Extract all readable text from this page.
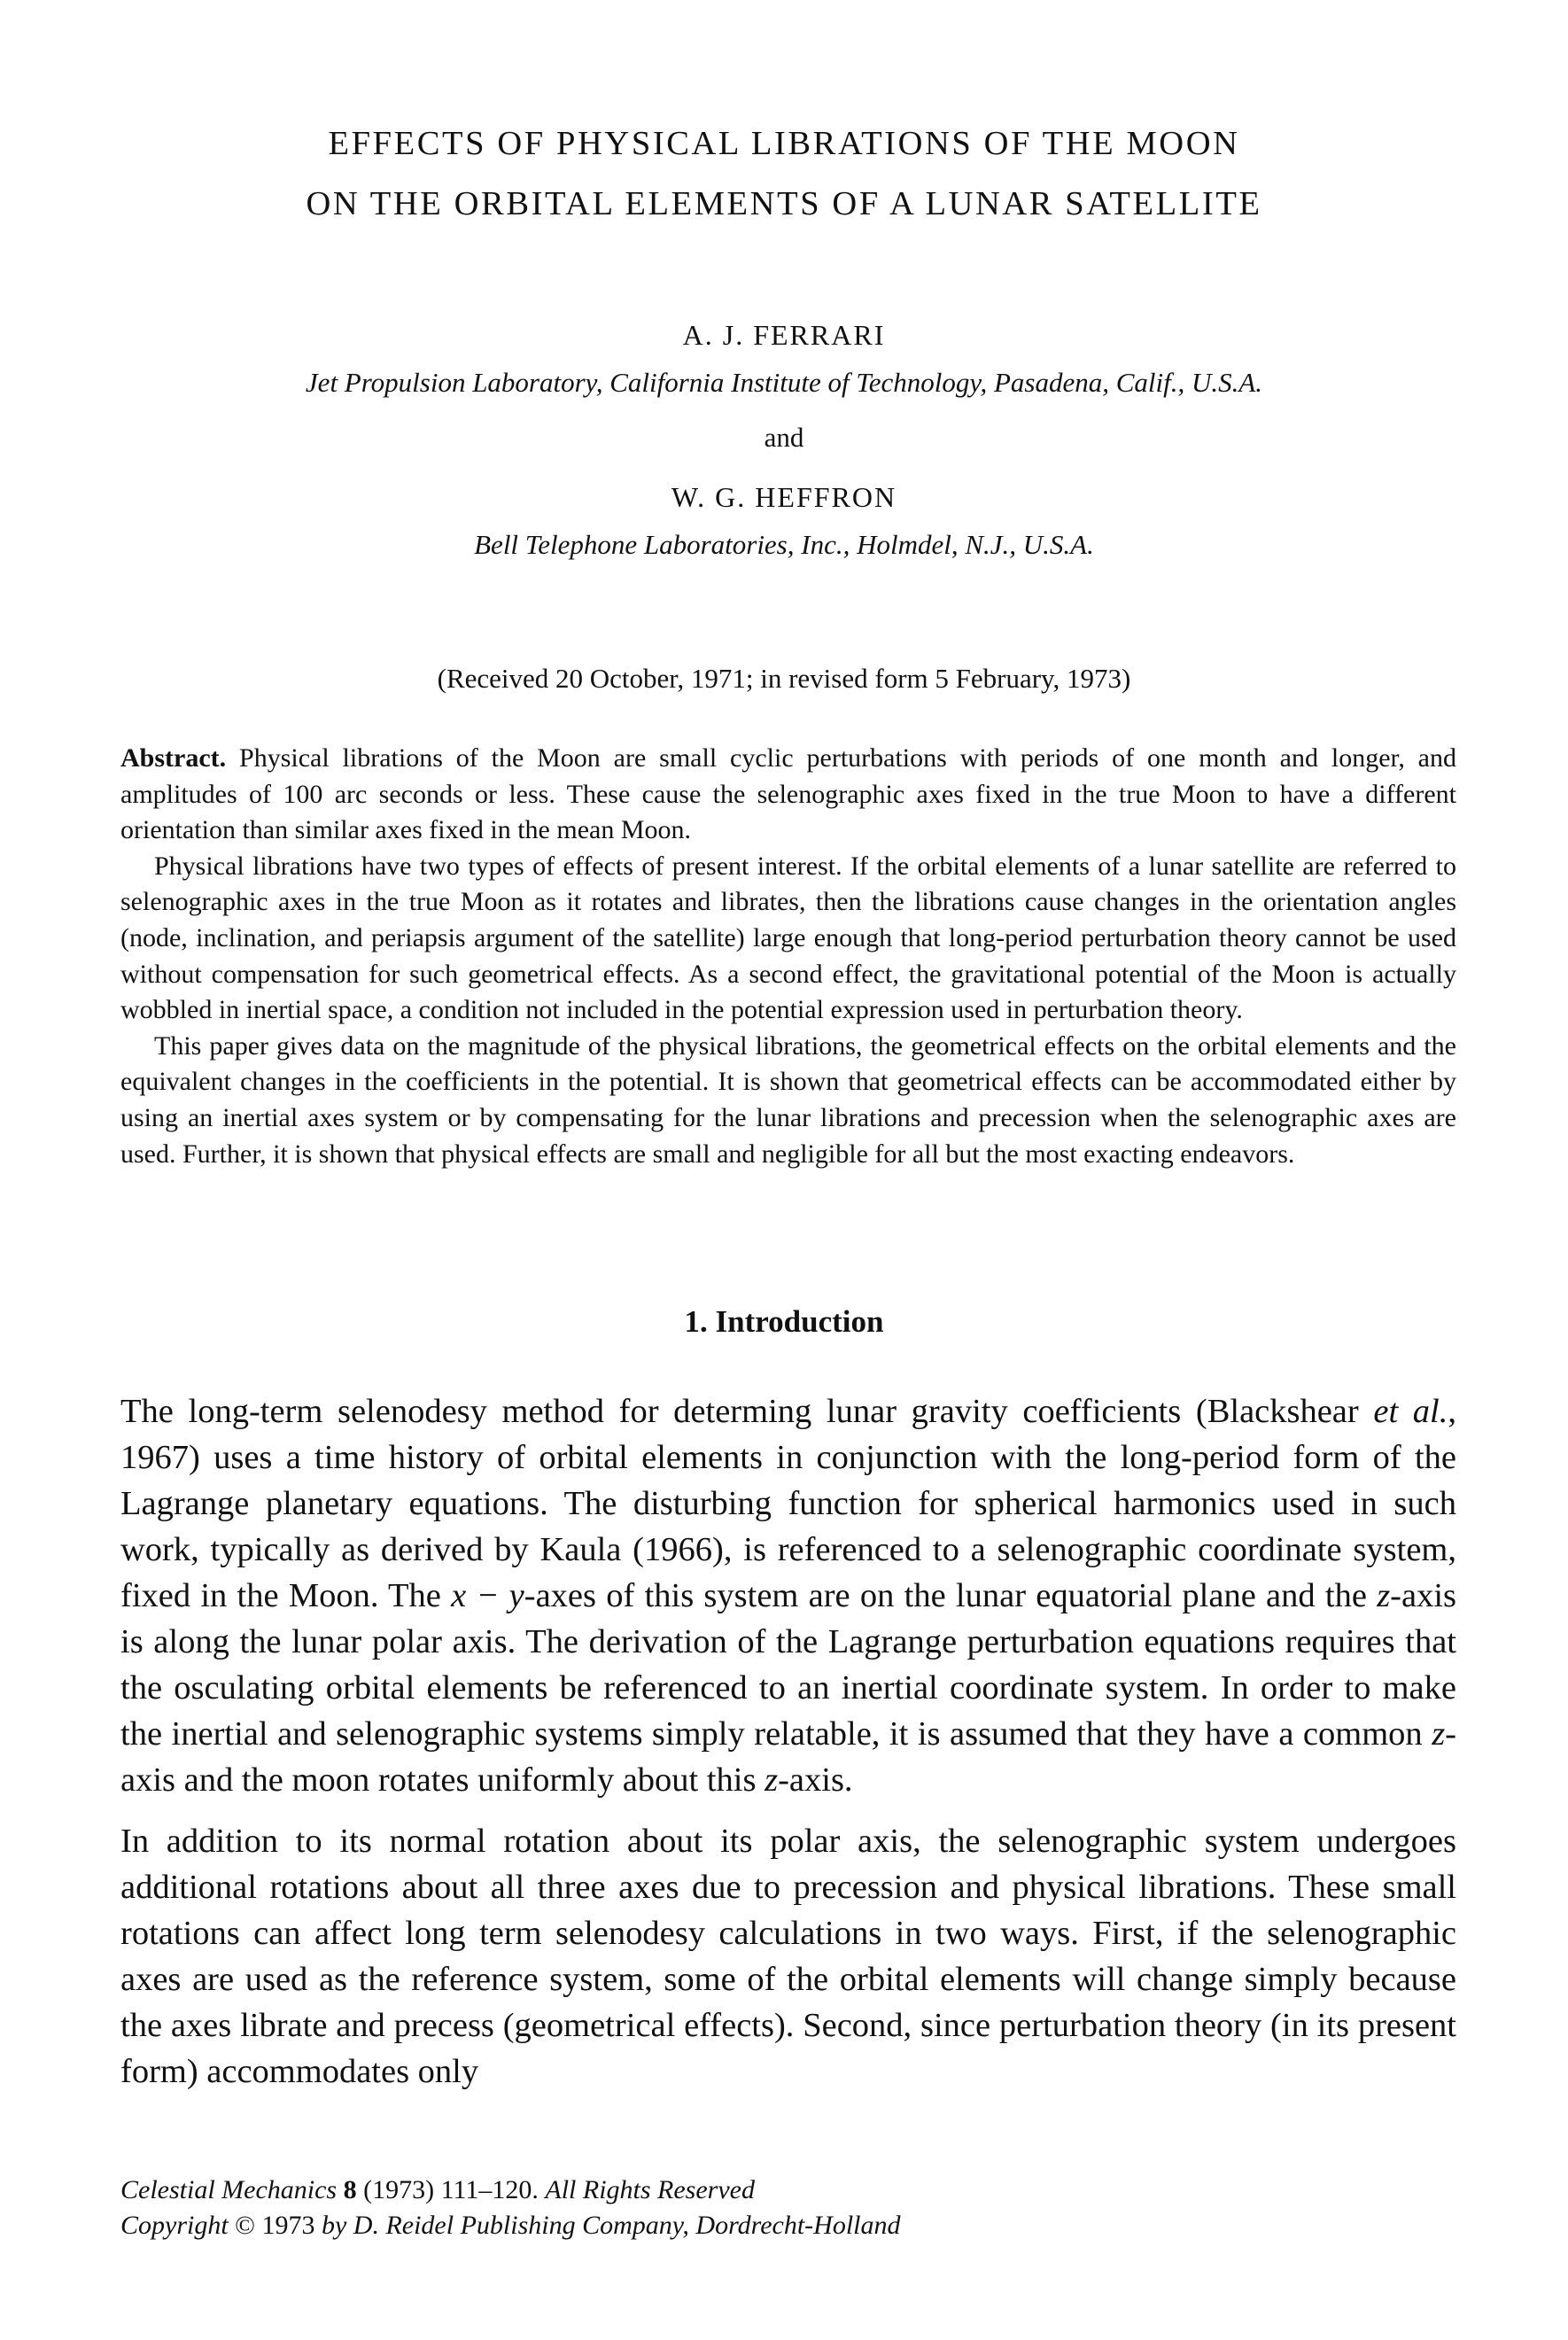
EFFECTS OF PHYSICAL LIBRATIONS OF THE MOON
ON THE ORBITAL ELEMENTS OF A LUNAR SATELLITE

A. J. FERRARI

Jet Propulsion Laboratory, California Institute of Technology, Pasadena, Calif., U.S.A.

and

W. G. HEFFRON

Bell Telephone Laboratories, Inc., Holmdel, N.J., U.S.A.

(Received 20 October, 1971; in revised form 5 February, 1973)

Abstract. Physical librations of the Moon are small cyclic perturbations with periods of one month and longer, and amplitudes of 100 arc seconds or less. These cause the selenographic axes fixed in the true Moon to have a different orientation than similar axes fixed in the mean Moon.

Physical librations have two types of effects of present interest. If the orbital elements of a lunar satellite are referred to selenographic axes in the true Moon as it rotates and librates, then the librations cause changes in the orientation angles (node, inclination, and periapsis argument of the satellite) large enough that long-period perturbation theory cannot be used without compensation for such geometrical effects. As a second effect, the gravitational potential of the Moon is actually wobbled in inertial space, a condition not included in the potential expression used in perturbation theory.

This paper gives data on the magnitude of the physical librations, the geometrical effects on the orbital elements and the equivalent changes in the coefficients in the potential. It is shown that geometrical effects can be accommodated either by using an inertial axes system or by compensating for the lunar librations and precession when the selenographic axes are used. Further, it is shown that physical effects are small and negligible for all but the most exacting endeavors.

1. Introduction

The long-term selenodesy method for determing lunar gravity coefficients (Blackshear et al., 1967) uses a time history of orbital elements in conjunction with the long-period form of the Lagrange planetary equations. The disturbing function for spherical harmonics used in such work, typically as derived by Kaula (1966), is referenced to a selenographic coordinate system, fixed in the Moon. The x − y-axes of this system are on the lunar equatorial plane and the z-axis is along the lunar polar axis. The derivation of the Lagrange perturbation equations requires that the osculating orbital elements be referenced to an inertial coordinate system. In order to make the inertial and selenographic systems simply relatable, it is assumed that they have a common z-axis and the moon rotates uniformly about this z-axis.

In addition to its normal rotation about its polar axis, the selenographic system undergoes additional rotations about all three axes due to precession and physical librations. These small rotations can affect long term selenodesy calculations in two ways. First, if the selenographic axes are used as the reference system, some of the orbital elements will change simply because the axes librate and precess (geometrical effects). Second, since perturbation theory (in its present form) accommodates only

Celestial Mechanics 8 (1973) 111–120. All Rights Reserved
Copyright © 1973 by D. Reidel Publishing Company, Dordrecht-Holland
